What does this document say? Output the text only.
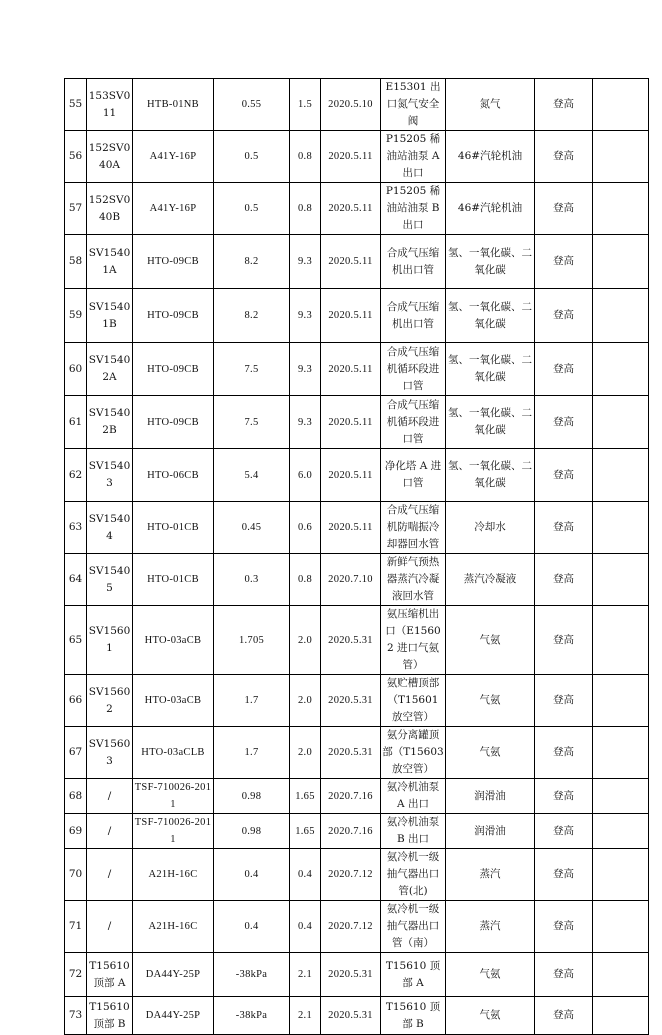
55	153SV011	HTB-01NB	0.55	1.5	2020.5.10	E15301 出口氮气安全阀	氮气	登高	
56	152SV040A	A41Y-16P	0.5	0.8	2020.5.11	P15205 稀油站油泵 A 出口	46#汽轮机油	登高	
57	152SV040B	A41Y-16P	0.5	0.8	2020.5.11	P15205 稀油站油泵 B 出口	46#汽轮机油	登高	
58	SV15401A	HTO-09CB	8.2	9.3	2020.5.11	合成气压缩机出口管	氢、一氧化碳、二氧化碳	登高	
59	SV15401B	HTO-09CB	8.2	9.3	2020.5.11	合成气压缩机出口管	氢、一氧化碳、二氧化碳	登高	
60	SV15402A	HTO-09CB	7.5	9.3	2020.5.11	合成气压缩机循环段进口管	氢、一氧化碳、二氧化碳	登高	
61	SV15402B	HTO-09CB	7.5	9.3	2020.5.11	合成气压缩机循环段进口管	氢、一氧化碳、二氧化碳	登高	
62	SV15403	HTO-06CB	5.4	6.0	2020.5.11	净化塔 A 进口管	氢、一氧化碳、二氧化碳	登高	
63	SV15404	HTO-01CB	0.45	0.6	2020.5.11	合成气压缩机防喘振冷却器回水管	冷却水	登高	
64	SV15405	HTO-01CB	0.3	0.8	2020.7.10	新鲜气预热器蒸汽冷凝液回水管	蒸汽冷凝液	登高	
65	SV15601	HTO-03aCB	1.705	2.0	2020.5.31	氨压缩机出口（E15602 进口气氨管）	气氨	登高	
66	SV15602	HTO-03aCB	1.7	2.0	2020.5.31	氨贮槽顶部（T15601 放空管）	气氨	登高	
67	SV15603	HTO-03aCLB	1.7	2.0	2020.5.31	氨分离罐顶部（T15603 放空管）	气氨	登高	
68	/	TSF-710026-2011	0.98	1.65	2020.7.16	氨冷机油泵 A 出口	润滑油	登高	
69	/	TSF-710026-2011	0.98	1.65	2020.7.16	氨冷机油泵 B 出口	润滑油	登高	
70	/	A21H-16C	0.4	0.4	2020.7.12	氨冷机一级抽气器出口管(北)	蒸汽	登高	
71	/	A21H-16C	0.4	0.4	2020.7.12	氨冷机一级抽气器出口管（南）	蒸汽	登高	
72	T15610 顶部 A	DA44Y-25P	-38kPa	2.1	2020.5.31	T15610 顶部 A	气氨	登高	
73	T15610 顶部 B	DA44Y-25P	-38kPa	2.1	2020.5.31	T15610 顶部 B	气氨	登高	
